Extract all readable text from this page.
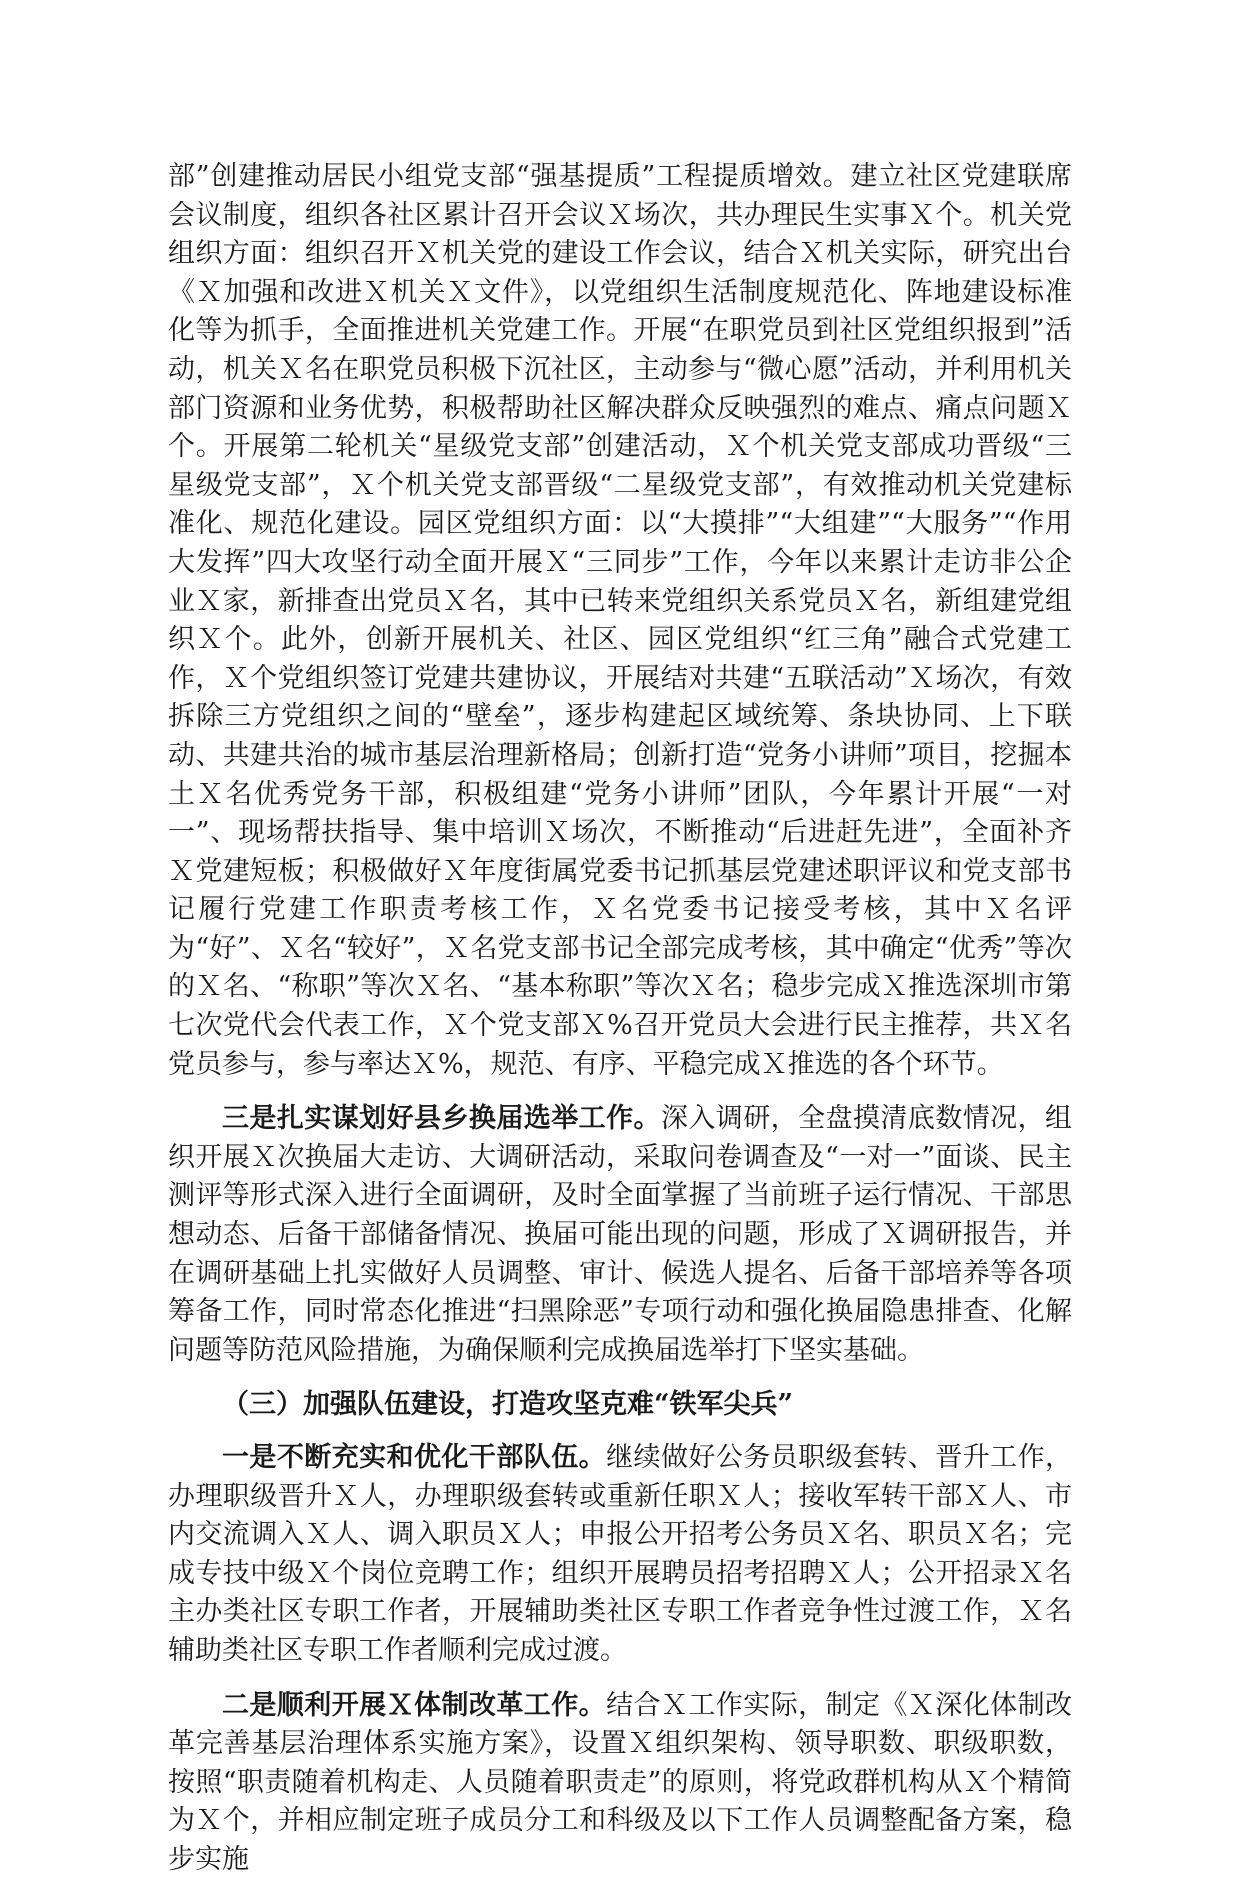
部”创建推动居民小组党支部“强基提质”工程提质增效。建立社区党建联席会议制度，组织各社区累计召开会议Ｘ场次，共办理民生实事Ｘ个。机关党组织方面：组织召开Ｘ机关党的建设工作会议，结合Ｘ机关实际，研究出台《Ｘ加强和改进Ｘ机关Ｘ文件》，以党组织生活制度规范化、阵地建设标准化等为抓手，全面推进机关党建工作。开展“在职党员到社区党组织报到”活动，机关Ｘ名在职党员积极下沉社区，主动参与“微心愿”活动，并利用机关部门资源和业务优势，积极帮助社区解决群众反映强烈的难点、痛点问题Ｘ个。开展第二轮机关“星级党支部”创建活动，Ｘ个机关党支部成功晋级“三星级党支部”，Ｘ个机关党支部晋级“二星级党支部”，有效推动机关党建标准化、规范化建设。园区党组织方面：以“大摸排”“大组建”“大服务”“作用大发挥”四大攻坚行动全面开展Ｘ“三同步”工作，今年以来累计走访非公企业Ｘ家，新排查出党员Ｘ名，其中已转来党组织关系党员Ｘ名，新组建党组织Ｘ个。此外，创新开展机关、社区、园区党组织“红三角”融合式党建工作，Ｘ个党组织签订党建共建协议，开展结对共建“五联活动”Ｘ场次，有效拆除三方党组织之间的“壁垒”，逐步构建起区域统筹、条块协同、上下联动、共建共治的城市基层治理新格局；创新打造“党务小讲师”项目，挖掘本土Ｘ名优秀党务干部，积极组建“党务小讲师”团队，今年累计开展“一对一”、现场帮扶指导、集中培训Ｘ场次，不断推动“后进赶先进”，全面补齐Ｘ党建短板；积极做好Ｘ年度街属党委书记抓基层党建述职评议和党支部书记履行党建工作职责考核工作，Ｘ名党委书记接受考核，其中Ｘ名评为“好”、Ｘ名“较好”，Ｘ名党支部书记全部完成考核，其中确定“优秀”等次的Ｘ名、“称职”等次Ｘ名、“基本称职”等次Ｘ名；稳步完成Ｘ推选深圳市第七次党代会代表工作，Ｘ个党支部Ｘ%召开党员大会进行民主推荐，共Ｘ名党员参与，参与率达Ｘ%，规范、有序、平稳完成Ｘ推选的各个环节。

三是扎实谋划好县乡换届选举工作。深入调研，全盘摸清底数情况，组织开展Ｘ次换届大走访、大调研活动，采取问卷调查及“一对一”面谈、民主测评等形式深入进行全面调研，及时全面掌握了当前班子运行情况、干部思想动态、后备干部储备情况、换届可能出现的问题，形成了Ｘ调研报告，并在调研基础上扎实做好人员调整、审计、候选人提名、后备干部培养等各项筹备工作，同时常态化推进“扫黑除恶”专项行动和强化换届隐患排查、化解问题等防范风险措施，为确保顺利完成换届选举打下坚实基础。

（三）加强队伍建设，打造攻坚克难“铁军尖兵”

一是不断充实和优化干部队伍。继续做好公务员职级套转、晋升工作，办理职级晋升Ｘ人，办理职级套转或重新任职Ｘ人；接收军转干部Ｘ人、市内交流调入Ｘ人、调入职员Ｘ人；申报公开招考公务员Ｘ名、职员Ｘ名；完成专技中级Ｘ个岗位竞聘工作；组织开展聘员招考招聘Ｘ人；公开招录Ｘ名主办类社区专职工作者，开展辅助类社区专职工作者竞争性过渡工作，Ｘ名辅助类社区专职工作者顺利完成过渡。

二是顺利开展Ｘ体制改革工作。结合Ｘ工作实际，制定《Ｘ深化体制改革完善基层治理体系实施方案》，设置Ｘ组织架构、领导职数、职级职数，按照“职责随着机构走、人员随着职责走”的原则，将党政群机构从Ｘ个精简为Ｘ个，并相应制定班子成员分工和科级及以下工作人员调整配备方案，稳步实施
